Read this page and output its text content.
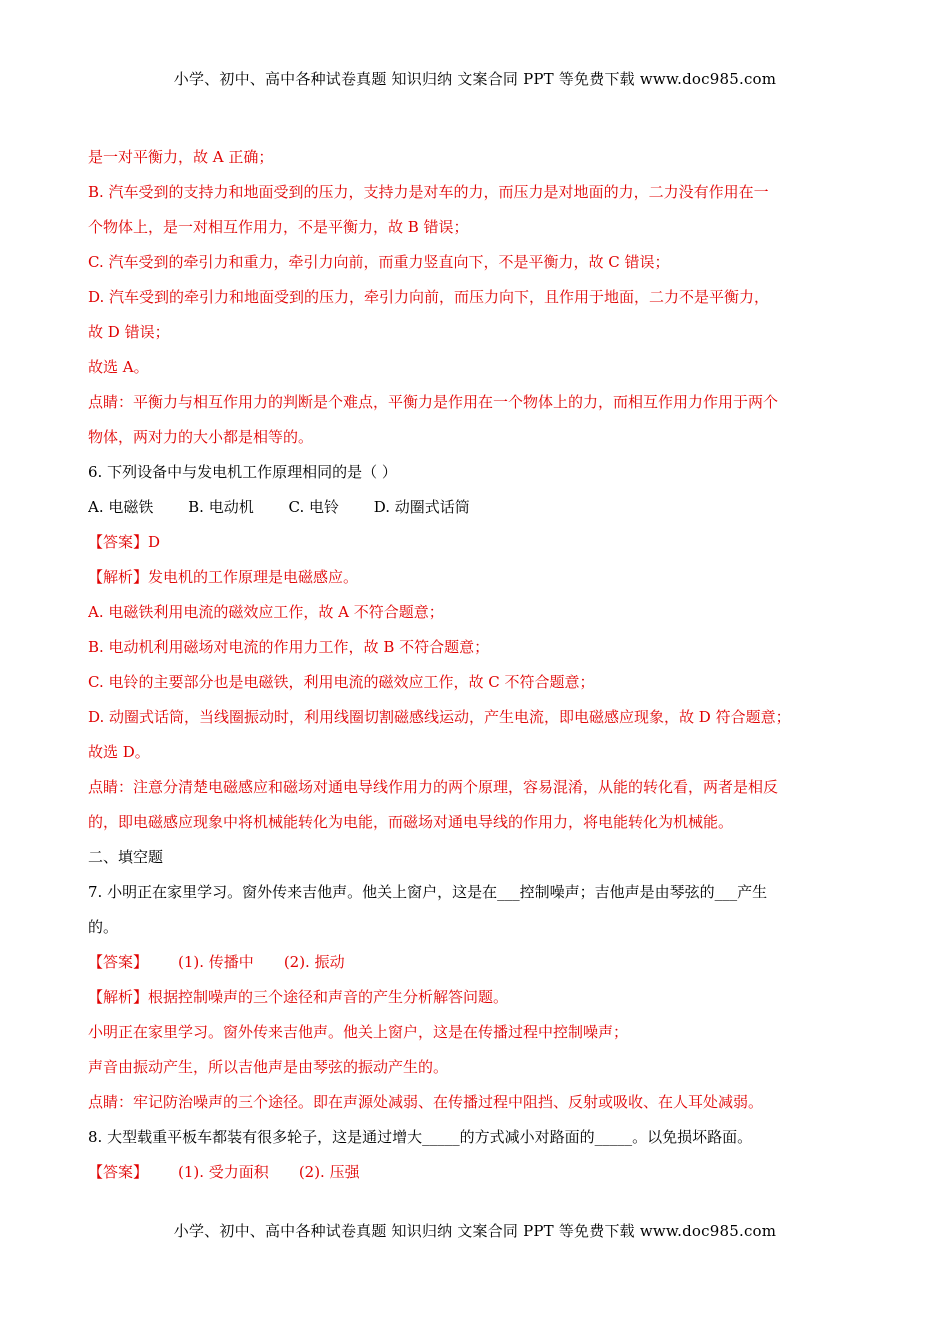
小学、初中、高中各种试卷真题 知识归纳 文案合同 PPT 等免费下载 www.doc985.com
是一对平衡力，故 A 正确；
B. 汽车受到的支持力和地面受到的压力，支持力是对车的力，而压力是对地面的力，二力没有作用在一
个物体上，是一对相互作用力，不是平衡力，故 B 错误；
C. 汽车受到的牵引力和重力，牵引力向前，而重力竖直向下，不是平衡力，故 C 错误；
D. 汽车受到的牵引力和地面受到的压力，牵引力向前，而压力向下，且作用于地面，二力不是平衡力，
故 D 错误；
故选 A。
点睛：平衡力与相互作用力的判断是个难点，平衡力是作用在一个物体上的力，而相互作用力作用于两个
物体，两对力的大小都是相等的。
6. 下列设备中与发电机工作原理相同的是（ ）
A. 电磁铁 B. 电动机 C. 电铃 D. 动圈式话筒
【答案】D
【解析】发电机的工作原理是电磁感应。
A. 电磁铁利用电流的磁效应工作，故 A 不符合题意；
B. 电动机利用磁场对电流的作用力工作，故 B 不符合题意；
C. 电铃的主要部分也是电磁铁，利用电流的磁效应工作，故 C 不符合题意；
D. 动圈式话筒，当线圈振动时，利用线圈切割磁感线运动，产生电流，即电磁感应现象，故 D 符合题意；
故选 D。
点睛：注意分清楚电磁感应和磁场对通电导线作用力的两个原理，容易混淆，从能的转化看，两者是相反
的，即电磁感应现象中将机械能转化为电能，而磁场对通电导线的作用力，将电能转化为机械能。
二、填空题
7. 小明正在家里学习。窗外传来吉他声。他关上窗户，这是在___控制噪声；吉他声是由琴弦的___产生
的。
【答案】 (1). 传播中 (2). 振动
【解析】根据控制噪声的三个途径和声音的产生分析解答问题。
小明正在家里学习。窗外传来吉他声。他关上窗户，这是在传播过程中控制噪声；
声音由振动产生，所以吉他声是由琴弦的振动产生的。
点睛：牢记防治噪声的三个途径。即在声源处减弱、在传播过程中阻挡、反射或吸收、在人耳处减弱。
8. 大型载重平板车都装有很多轮子，这是通过增大_____的方式减小对路面的_____。以免损坏路面。
【答案】 (1). 受力面积 (2). 压强
小学、初中、高中各种试卷真题 知识归纳 文案合同 PPT 等免费下载 www.doc985.com
